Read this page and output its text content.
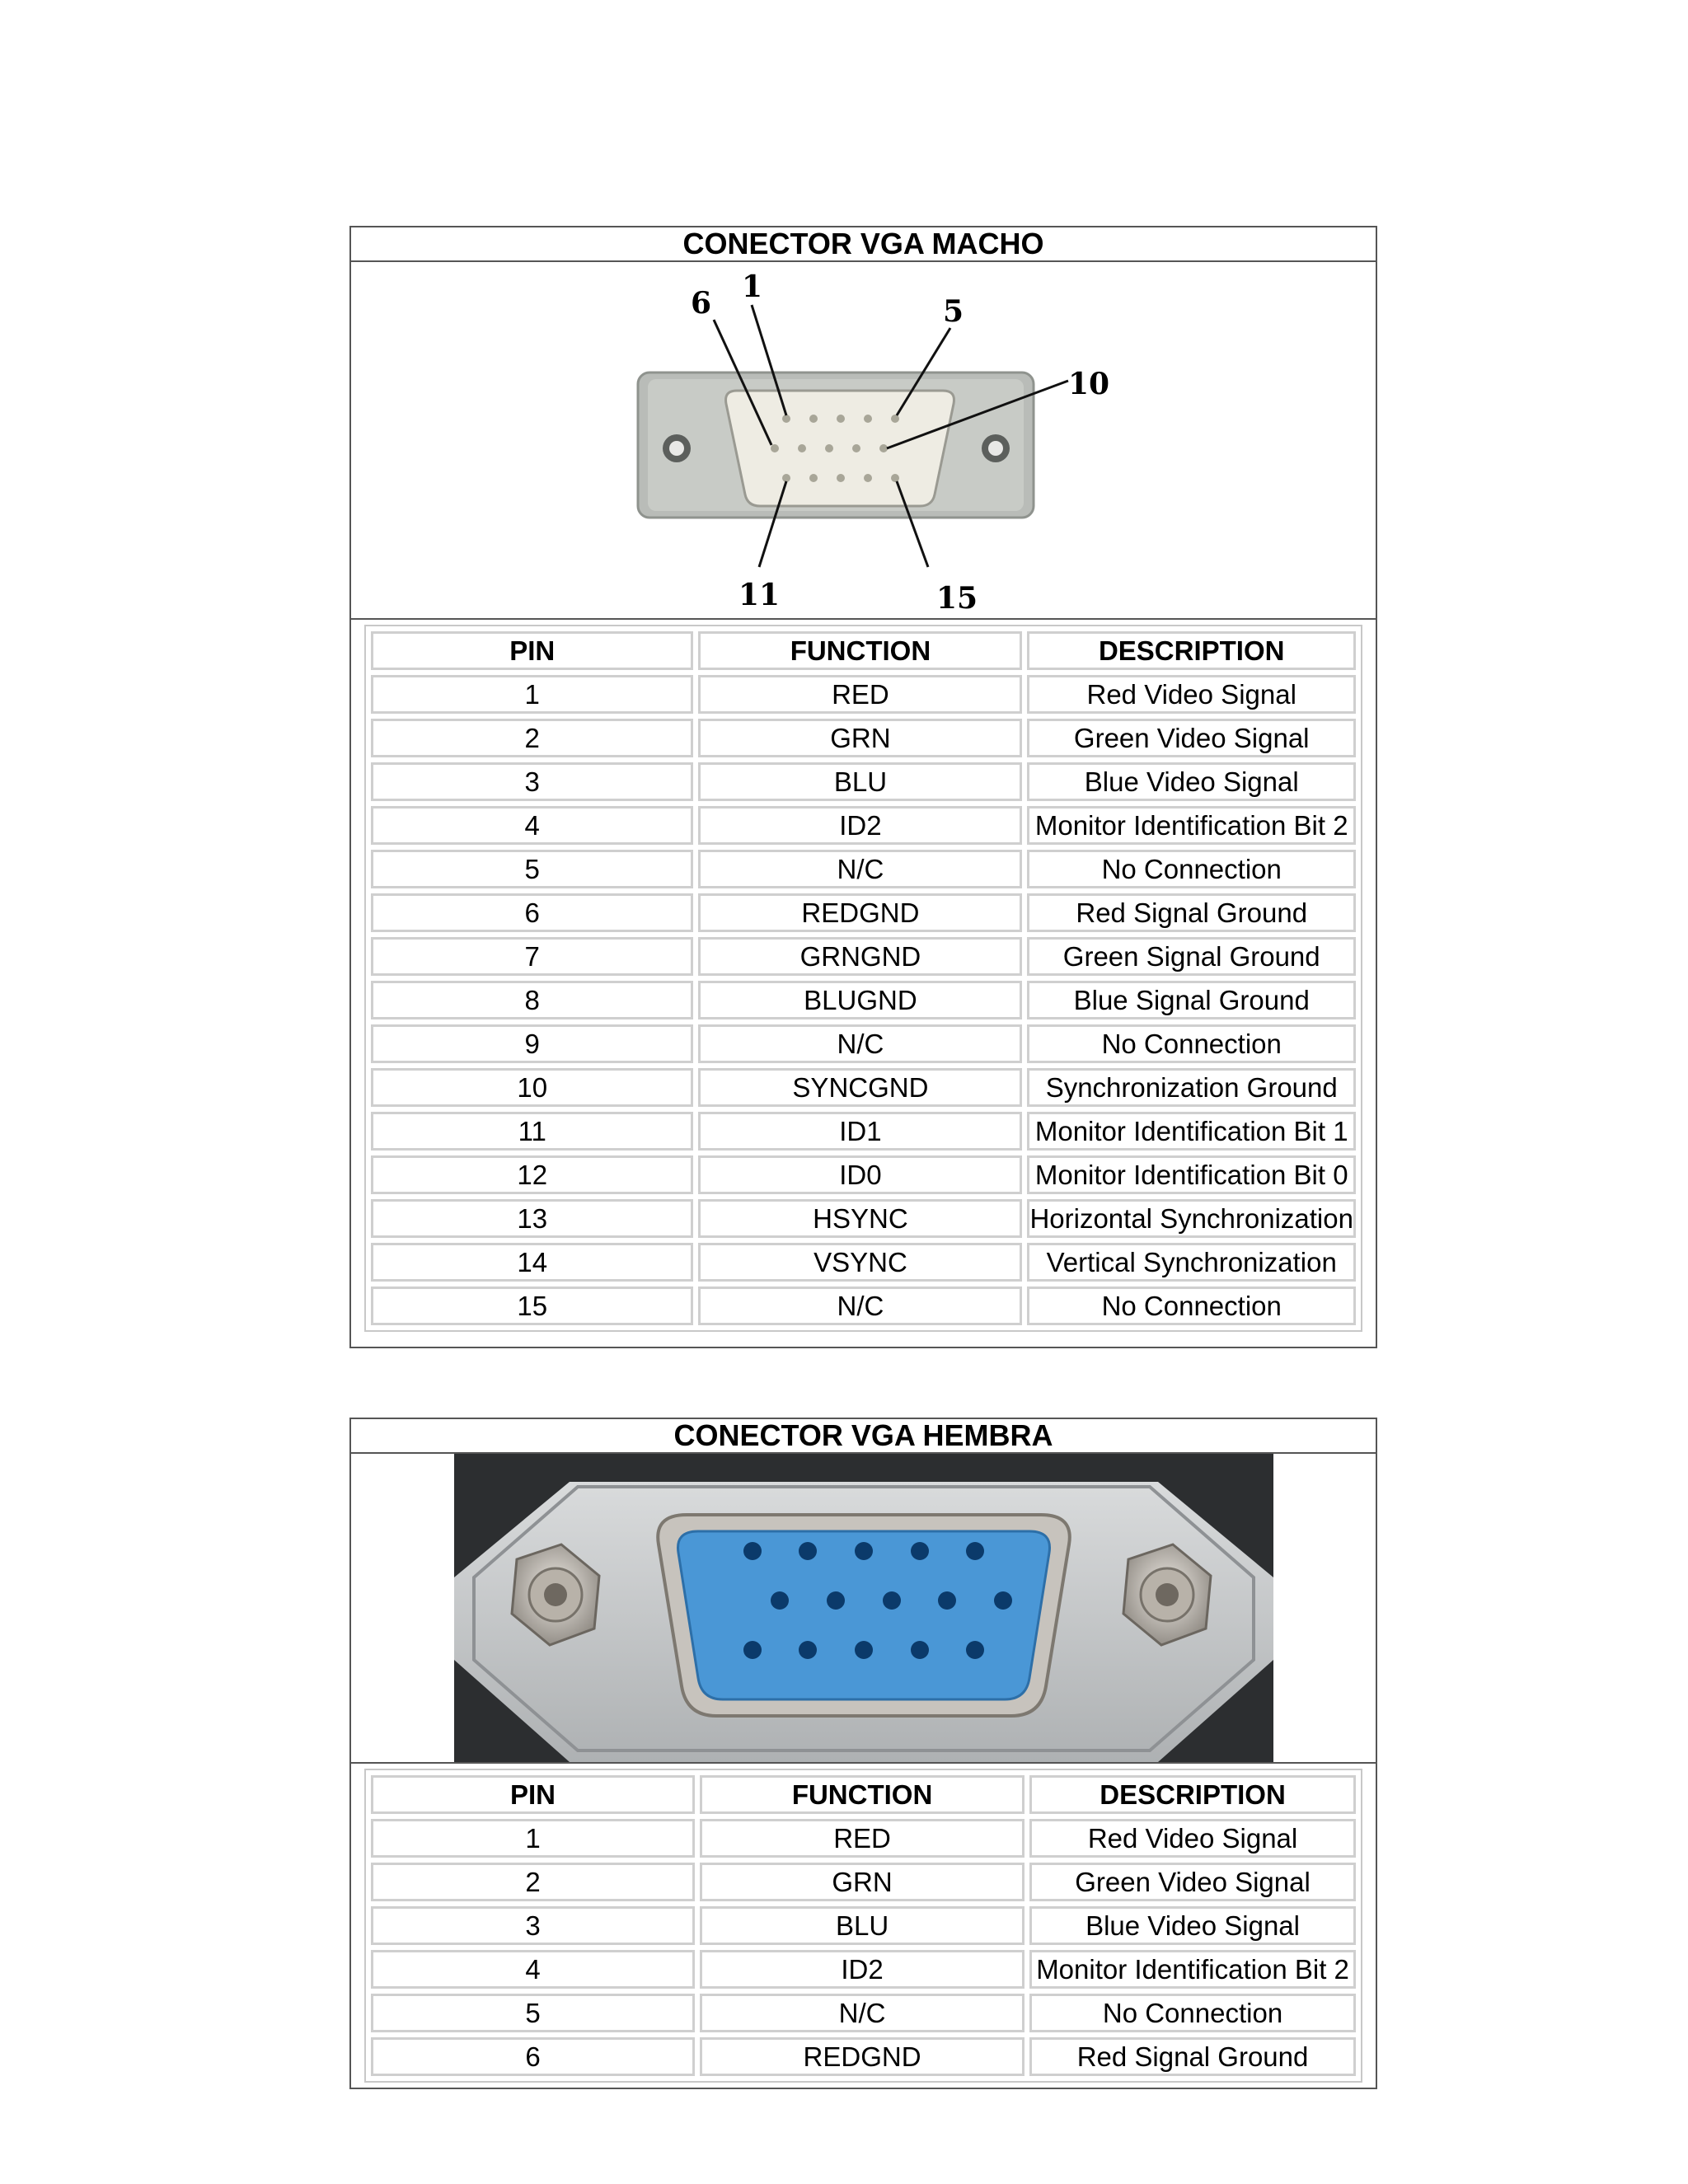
CONECTOR VGA MACHO
1
6	5
10
11	15
PIN	FUNCTION	DESCRIPTION
1	RED	Red Video Signal
2	GRN	Green Video Signal
3	BLU	Blue Video Signal
4	ID2	Monitor Identification Bit 2
5	N/C	No Connection
6	REDGND	Red Signal Ground
7	GRNGND	Green Signal Ground
8	BLUGND	Blue Signal Ground
9	N/C	No Connection
10	SYNCGND	Synchronization Ground
11	ID1	Monitor Identification Bit 1
12	ID0	Monitor Identification Bit 0
13	HSYNC	Horizontal Synchronization
14	VSYNC	Vertical Synchronization
15	N/C	No Connection
CONECTOR VGA HEMBRA
PIN	FUNCTION	DESCRIPTION
1	RED	Red Video Signal
2	GRN	Green Video Signal
3	BLU	Blue Video Signal
4	ID2	Monitor Identification Bit 2
5	N/C	No Connection
6	REDGND	Red Signal Ground
